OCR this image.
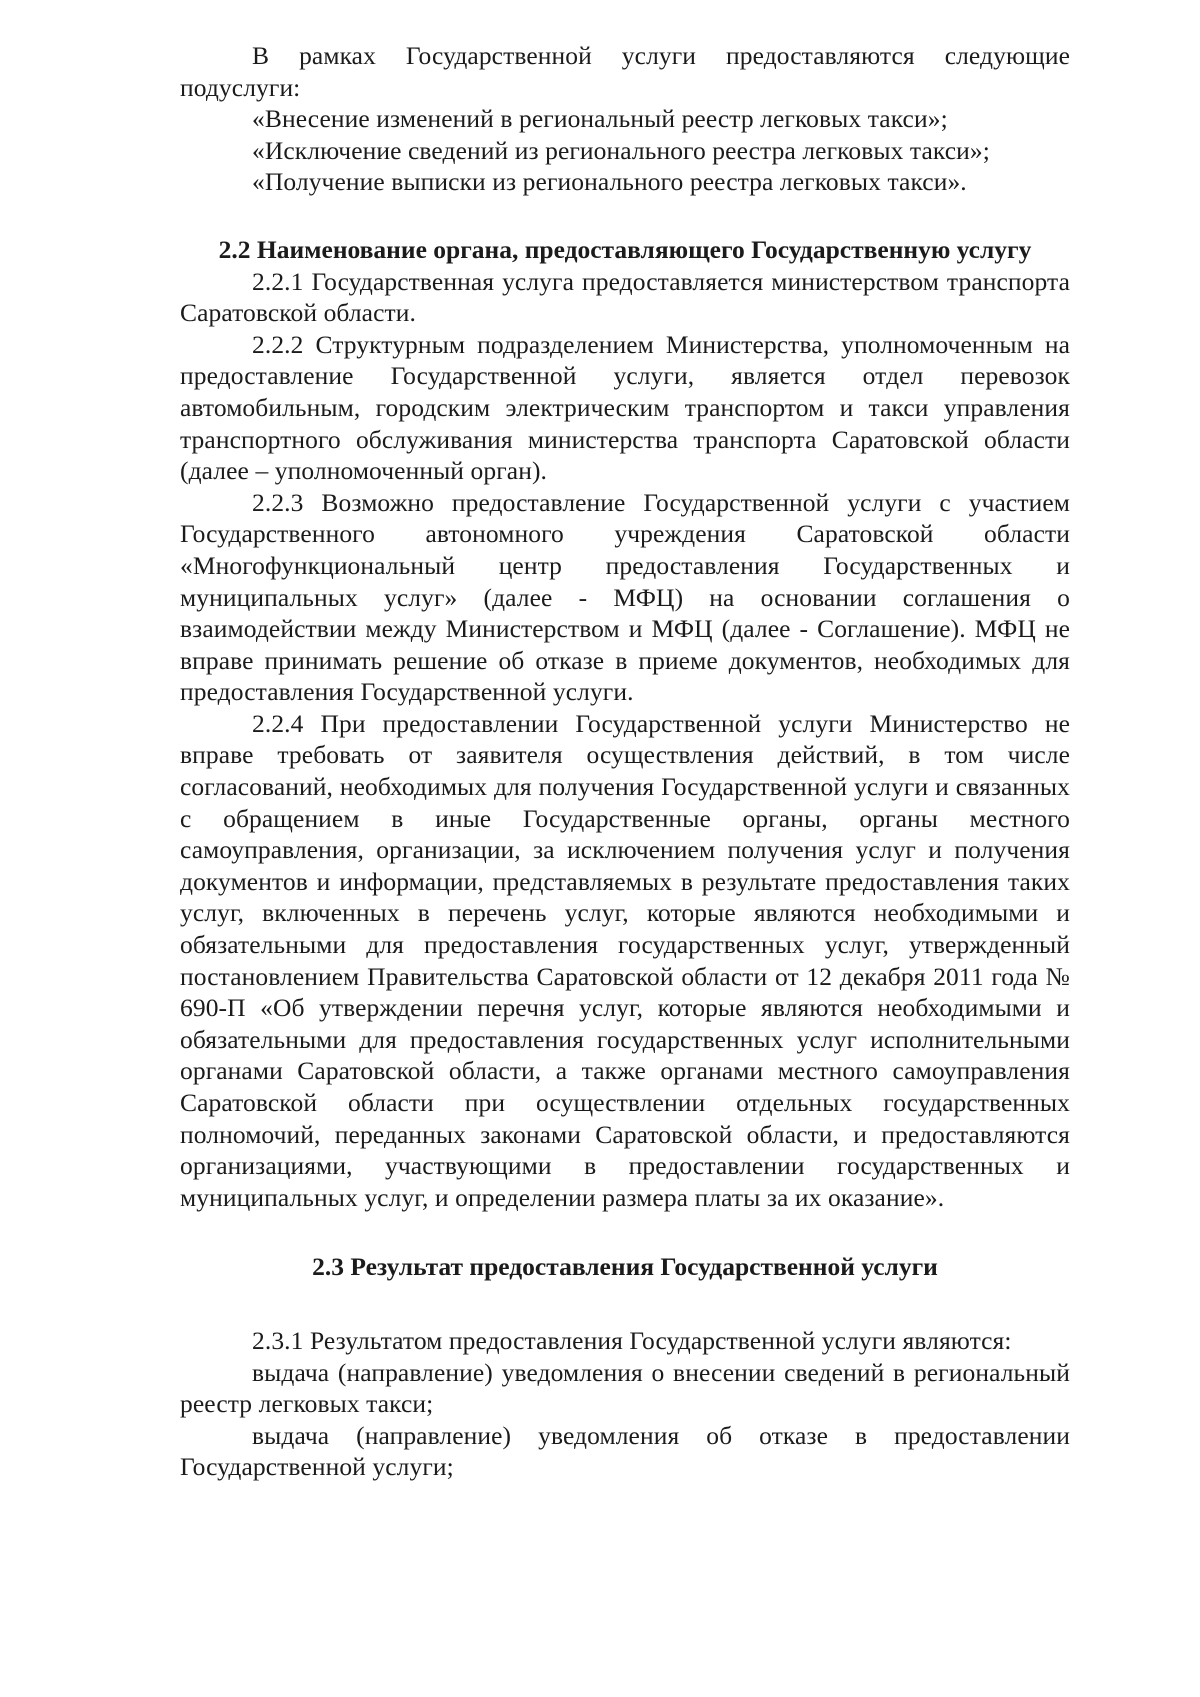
В рамках Государственной услуги предоставляются следующие подуслуги:

«Внесение изменений в региональный реестр легковых такси»;

«Исключение сведений из регионального реестра легковых такси»;

«Получение выписки из регионального реестра легковых такси».

2.2 Наименование органа, предоставляющего Государственную услугу

2.2.1 Государственная услуга предоставляется министерством транспорта Саратовской области.

2.2.2 Структурным подразделением Министерства, уполномоченным на предоставление Государственной услуги, является отдел перевозок автомобильным, городским электрическим транспортом и такси управления транспортного обслуживания министерства транспорта Саратовской области (далее – уполномоченный орган).

2.2.3 Возможно предоставление Государственной услуги с участием Государственного автономного учреждения Саратовской области «Многофункциональный центр предоставления Государственных и муниципальных услуг» (далее - МФЦ) на основании соглашения о взаимодействии между Министерством и МФЦ (далее - Соглашение). МФЦ не вправе принимать решение об отказе в приеме документов, необходимых для предоставления Государственной услуги.

2.2.4 При предоставлении Государственной услуги Министерство не вправе требовать от заявителя осуществления действий, в том числе согласований, необходимых для получения Государственной услуги и связанных с обращением в иные Государственные органы, органы местного самоуправления, организации, за исключением получения услуг и получения документов и информации, представляемых в результате предоставления таких услуг, включенных в перечень услуг, которые являются необходимыми и обязательными для предоставления государственных услуг, утвержденный постановлением Правительства Саратовской области от 12 декабря 2011 года № 690-П «Об утверждении перечня услуг, которые являются необходимыми и обязательными для предоставления государственных услуг исполнительными органами Саратовской области, а также органами местного самоуправления Саратовской области при осуществлении отдельных государственных полномочий, переданных законами Саратовской области, и предоставляются организациями, участвующими в предоставлении государственных и муниципальных услуг, и определении размера платы за их оказание».

2.3 Результат предоставления Государственной услуги

2.3.1 Результатом предоставления Государственной услуги являются:

выдача (направление) уведомления о внесении сведений в региональный реестр легковых такси;

выдача (направление) уведомления об отказе в предоставлении Государственной услуги;
